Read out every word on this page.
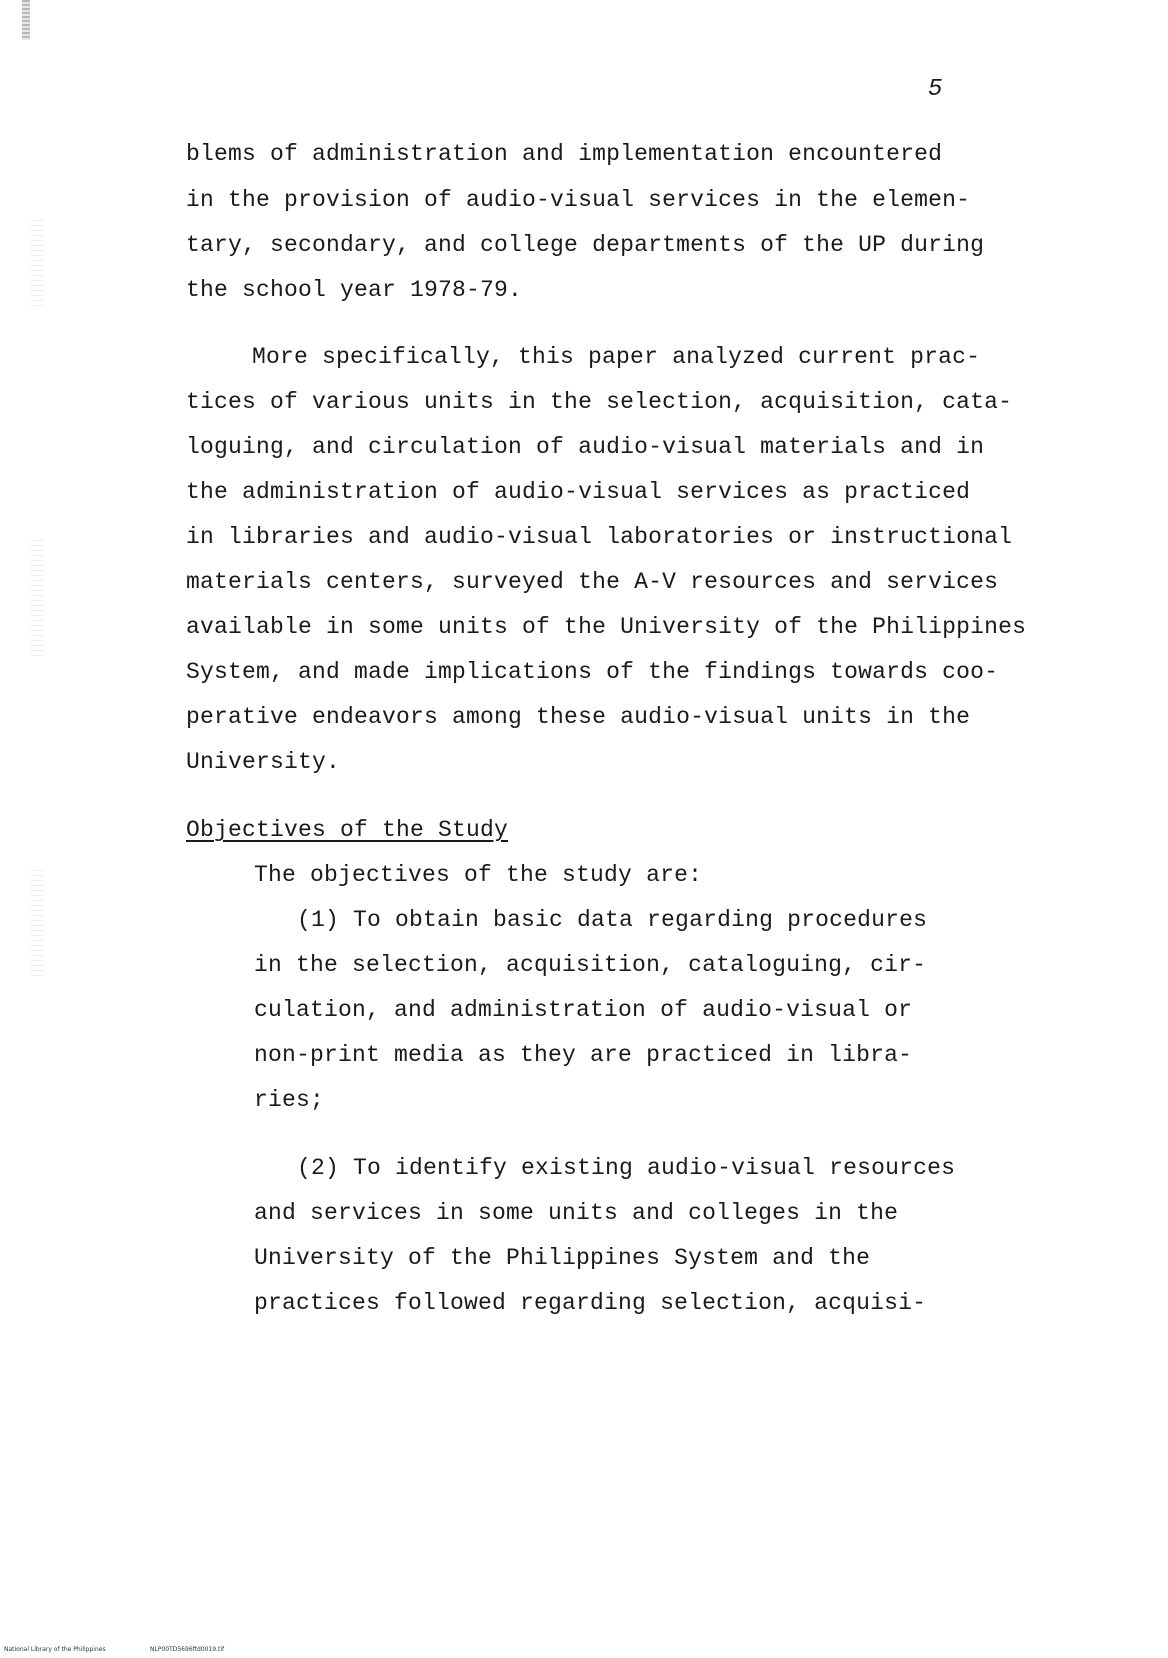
5
blems of administration and implementation encountered
in the provision of audio-visual services in the elemen-
tary, secondary, and college departments of the UP during
the school year 1978-79.
More specifically, this paper analyzed current prac-
tices of various units in the selection, acquisition, cata-
loguing, and circulation of audio-visual materials and in
the administration of audio-visual services as practiced
in libraries and audio-visual laboratories or instructional
materials centers, surveyed the A-V resources and services
available in some units of the University of the Philippines
System, and made implications of the findings towards coo-
perative endeavors among these audio-visual units in the
University.
Objectives of the Study
The objectives of the study are:
(1) To obtain basic data regarding procedures
in the selection, acquisition, cataloguing, cir-
culation, and administration of audio-visual or
non-print media as they are practiced in libra-
ries;
(2) To identify existing audio-visual resources
and services in some units and colleges in the
University of the Philippines System and the
practices followed regarding selection, acquisi-
National Library of the Philippines	NLP00TD5696ftd0019.tif
